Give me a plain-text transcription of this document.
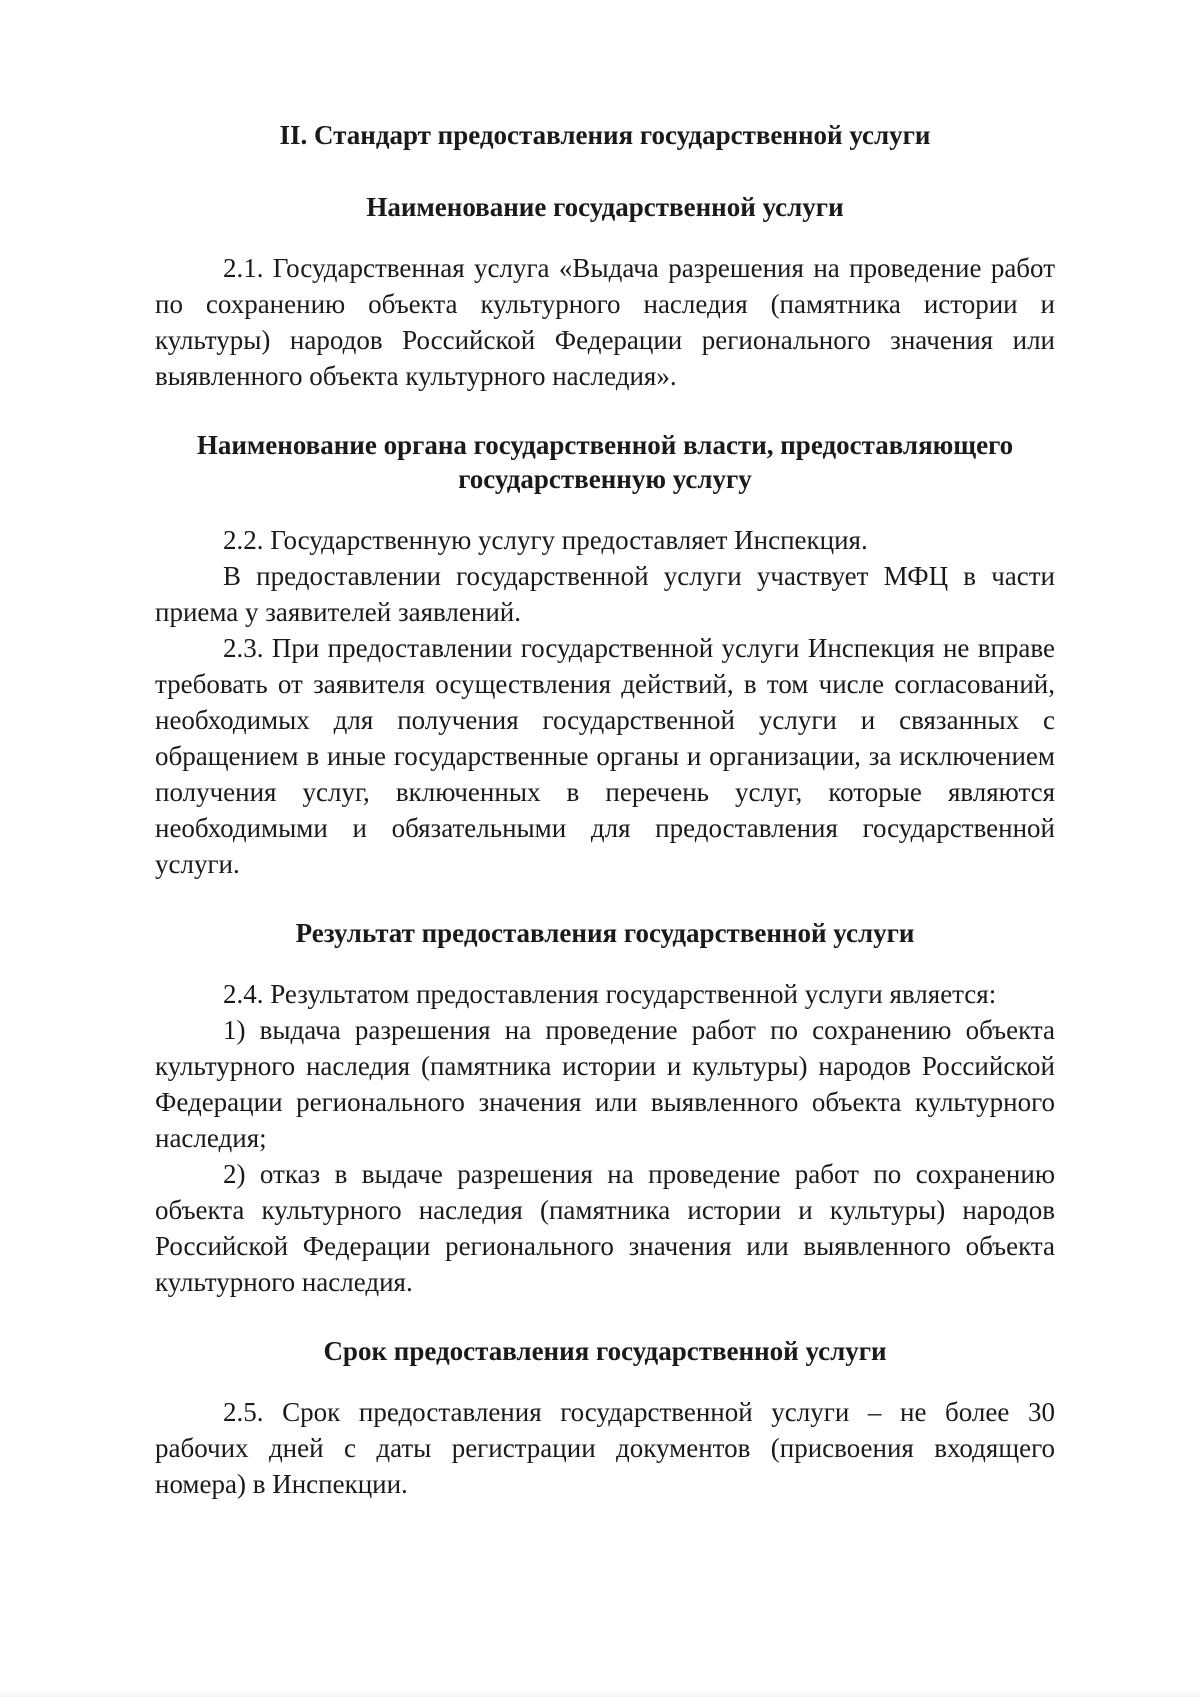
II. Стандарт предоставления государственной услуги
Наименование государственной услуги

2.1. Государственная услуга «Выдача разрешения на проведение работ по сохранению объекта культурного наследия (памятника истории и культуры) народов Российской Федерации регионального значения или выявленного объекта культурного наследия».

Наименование органа государственной власти, предоставляющего государственную услугу

2.2. Государственную услугу предоставляет Инспекция.

В предоставлении государственной услуги участвует МФЦ в части приема у заявителей заявлений.

2.3. При предоставлении государственной услуги Инспекция не вправе требовать от заявителя осуществления действий, в том числе согласований, необходимых для получения государственной услуги и связанных с обращением в иные государственные органы и организации, за исключением получения услуг, включенных в перечень услуг, которые являются необходимыми и обязательными для предоставления государственной услуги.

Результат предоставления государственной услуги

2.4. Результатом предоставления государственной услуги является:

1) выдача разрешения на проведение работ по сохранению объекта культурного наследия (памятника истории и культуры) народов Российской Федерации регионального значения или выявленного объекта культурного наследия;

2) отказ в выдаче разрешения на проведение работ по сохранению объекта культурного наследия (памятника истории и культуры) народов Российской Федерации регионального значения или выявленного объекта культурного наследия.

Срок предоставления государственной услуги

2.5. Срок предоставления государственной услуги – не более 30 рабочих дней с даты регистрации документов (присвоения входящего номера) в Инспекции.
